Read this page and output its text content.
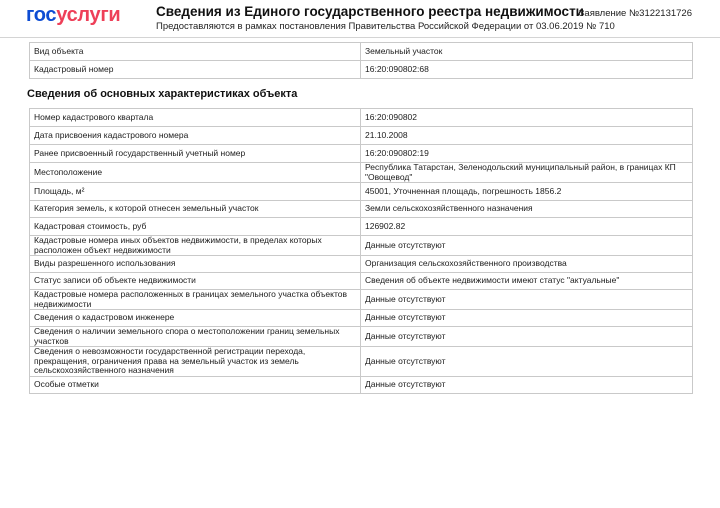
госуслуги	Сведения из Единого государственного реестра недвижимости
Предоставляются в рамках постановления Правительства Российской Федерации от 03.06.2019 № 710
Заявление №3122131726
Вид объекта	Земельный участок
Кадастровый номер	16:20:090802:68
Сведения об основных характеристиках объекта
Номер кадастрового квартала	16:20:090802
Дата присвоения кадастрового номера	21.10.2008
Ранее присвоенный государственный учетный номер	16:20:090802:19
Местоположение	Республика Татарстан, Зеленодольский муниципальный район, в границах КП "Овощевод"
Площадь, м²	45001, Уточненная площадь, погрешность 1856.2
Категория земель, к которой отнесен земельный участок	Земли сельскохозяйственного назначения
Кадастровая стоимость, руб	126902.82
Кадастровые номера иных объектов недвижимости, в пределах которых расположен объект недвижимости	Данные отсутствуют
Виды разрешенного использования	Организация сельскохозяйственного производства
Статус записи об объекте недвижимости	Сведения об объекте недвижимости имеют статус "актуальные"
Кадастровые номера расположенных в границах земельного участка объектов недвижимости	Данные отсутствуют
Сведения о кадастровом инженере	Данные отсутствуют
Сведения о наличии земельного спора о местоположении границ земельных участков	Данные отсутствуют
Сведения о невозможности государственной регистрации перехода, прекращения, ограничения права на земельный участок из земель сельскохозяйственного назначения	Данные отсутствуют
Особые отметки	Данные отсутствуют
